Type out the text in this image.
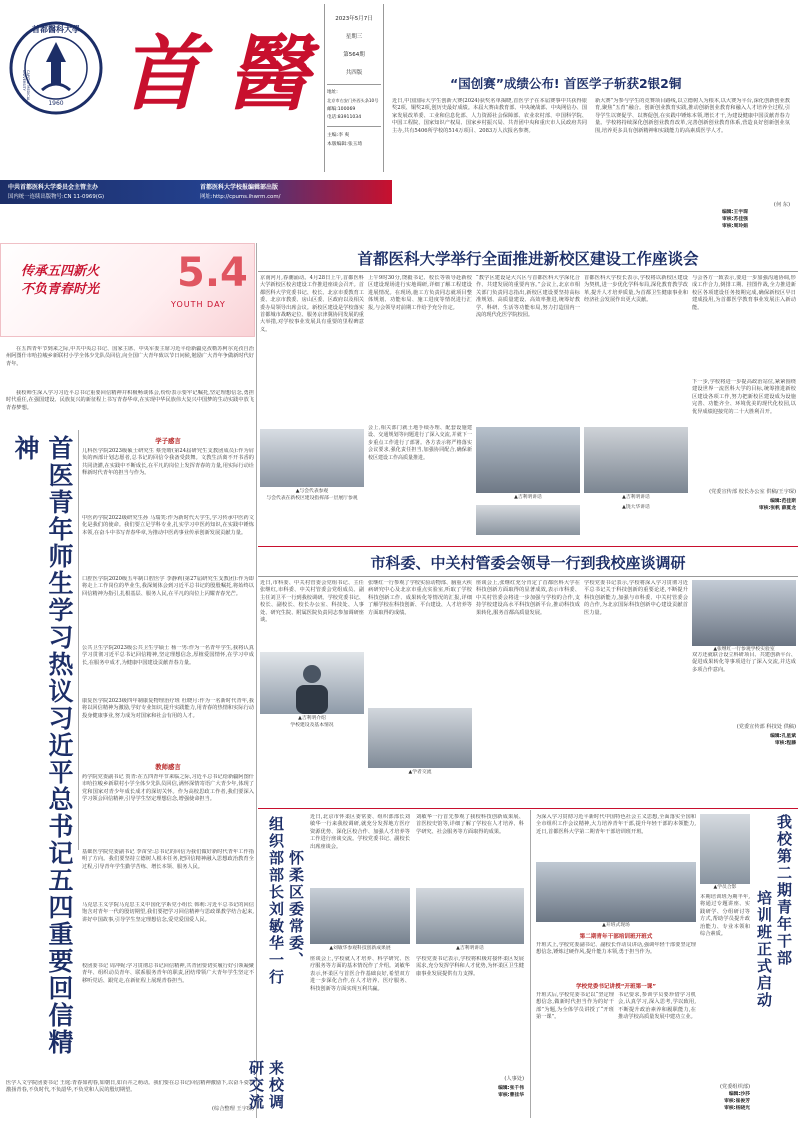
首都醫科大學
CAPITAL MEDICAL UNIVERSITY
1960 首 醫
2023年5月7日
星期三
第564期
共四版
地址:
北京市右安门外西头条10号
邮编:100069
电话:83911034
主编:李 爽
本版编辑:张玉琦
“国创赛”成绩公布! 首医学子斩获2银2铜
近日,中国国际大学生创新大赛(2024)获奖名单揭晓,首医学子在本届赛事中共获得银奖2项、铜奖2项,创历史最好成绩。本届大赛由教育部、中央统战部、中央网信办、国家发展改革委、工业和信息化部、人力资源社会保障部、农业农村部、中国科学院、中国工程院、国家知识产权局、国家乡村振兴局、共青团中央和重庆市人民政府共同主办,共有5406所学校的514万项目、2083万人次报名参赛。
新大赛”为参与学生的竞赛项目路线,以立德树人为根本,以大赛为平台,深化创新创业教育,聚焦“五育”融合。创新创业教育实践,推动创新创业教育和融入人才培养全过程,引导学生以赛促学、以赛促创,在实践中锤炼本领,增长才干,为建设健康中国贡献青春力量。学校将持续深化创新创业教育改革,完善创新创业教育体系,营造良好创新创业氛围,培养更多具有创新精神和实践能力的高素质医学人才。
(何 东)
编辑:王宇琛
审核:苏佳强
审核:周玲娟
中共首都医科大学委员会主管主办
国内统一连续出版物号:CN 11-0969(G)
首都医科大学校报编辑部出版
网址:http://cpums.ihwrm.com/
传承五四新火
不负青春时光 5.4
YOUTH DAY
在五四青年节到来之际,中共中央总书记、国家主席、中央军委主席习近平给新疆克孜勒苏柯尔克孜自治州阿图什市哈拉峻乡新联村小学全体少先队员回信,向全国广大青年致以节日问候,勉励广大青年争做新时代好青年。
我校师生深入学习习近平总书记重要回信精神并积极畅谈体会,纷纷表示要牢记嘱托,坚定理想信念,勇担时代重任,在强国建设、民族复兴的新征程上书写青春华章,在实现中华民族伟大复兴中国梦的生动实践中放飞青春梦想。
首医青年师生学习热议习近平总书记五四重要回信精神	学子感言
儿科医学院2023级硕士研究生 蔡莞晴(第24届研究生支教团成员):作为肩负的西部计划志愿者,总书记的回信令我备受鼓舞。文教生活离不开书香的共同浇灌,在实践中不断成长,在平凡的岗位上发挥青春的力量,用实际行动诠释新时代青年的担当与作为。
中医药学院2022级研究生孙 马瑞笑:作为新时代大学生,学习传承中医药文化是我们的使命。我们要立足学科专业,扎实学习中医药知识,在实践中锤炼本领,在奋斗中书写青春华章,为推动中医药事业传承创新发展贡献力量。
口腔医学院2020级五年制口腔医学 李静莉(第27届研究生支教团):作为即将走上工作岗位的毕业生,我深刻体会到习近平总书记的殷殷嘱托,将始终以回信精神为指引,扎根基层、服务人民,在平凡的岗位上闪耀青春光芒。
公共卫生学院2023级公共卫生学硕士 杨一男:作为一名青年学生,我将认真学习贯彻习近平总书记回信精神,坚定理想信念,厚植爱国情怀,在学习中成长,在服务中成才,为健康中国建设贡献青春力量。
康复医学院2023级四年制康复物理治疗班 杜晓月:作为一名新时代青年,我将以回信精神为激励,学好专业知识,提升实践能力,用青春的热情和实际行动投身健康事业,努力成为对国家和社会有用的人才。
教师感言
药学院党委副书记 贺青:在五四青年节来临之际,习近平总书记给新疆阿图什市哈拉峻乡新联村小学全体少先队员回信,满怀深情寄语广大青少年,体现了党和国家对青少年成长成才的深切关怀。作为高校思政工作者,我们要深入学习领会回信精神,引导学生坚定理想信念,增强使命担当。
基础医学院党委副书记 李苗莹:总书记的回信为我们做好新时代青年工作指明了方向。我们要坚持立德树人根本任务,把回信精神融入思想政治教育全过程,引导青年学生勤学苦练、增长本领、服务人民。
马克思主义学院马克思主义中国化学系党小组长 韩莉:习近平总书记的回信饱含对青年一代的殷切期望,我们要把学习回信精神与思政课教学结合起来,讲好中国故事,引导学生坚定理想信念,爱党爱国爱人民。
校团委书记 周冲妮:学习贯彻总书记回信精神,共青团要切实履行好引领凝聚青年、组织动员青年、联系服务青年的职责,团结带领广大青年学生坚定不移听党话、跟党走,在新征程上展现青春担当。
医学人文学院团委书记 王庭:青春如初春,如朝日,如百卉之萌动。我们要在总书记回信精神激励下,以奋斗姿态激扬青春,不负时代,不负韶华,不负党和人民的殷切期望。
(综合整理 王宇琛)
首都医科大学举行全面推进新校区建设工作座谈会
京南河月,春潮涌动。4月28日上午,首都医科大学新校区校舍建设工作推进座谈会召开。首都医科大学党委书记、校长、北京市委教育工委、北京市教委、房山区委、区政府以及相关委办局领导出席会议。新校区建设是学校落实首都城市战略定位、服务京津冀协同发展的重大举措,对学校事业发展具有重要的里程碑意义。
上午9时30分,饶毅书记、校长等领导赴新校区建设现场进行实地调研,详细了解工程建设进展情况。在现场,施工方负责同志就项目整体规划、功能布局、施工进度等情况进行汇报,与会领导对前期工作给予充分肯定。
“教学区建设是大兴区与首都医科大学深化合作、共建发展的重要内容。”会议上,北京市相关部门负责同志指出,新校区建设要坚持高标准规划、高质量建设、高效率推进,统筹好教学、科研、生活等功能布局,努力打造国内一流的现代化医学院校园。
首都医科大学校长表示,学校将以新校区建设为契机,进一步优化学科布局,深化教育教学改革,提升人才培养质量,为首都卫生健康事业和经济社会发展作出更大贡献。
与会各方一致表示,要进一步加强沟通协调,形成工作合力,倒排工期、挂图作战,全力推进新校区各项建设任务按期完成,确保新校区早日建成投用,为首都医学教育事业发展注入新动能。
会上,相关部门就土地手续办理、配套设施建设、交通规划等问题进行了深入交流,并就下一步重点工作进行了部署。各方表示将严格落实会议要求,强化责任担当,加强协同配合,确保新校区建设工作高质量推进。
下一步,学校将进一步提高政治站位,紧紧围绕建设世界一流医科大学的目标,统筹推进新校区建设各项工作,努力把新校区建设成为设施完善、功能齐全、环境优美的现代化校园,以优异成绩迎接党的二十大胜利召开。
(党委宣传部 校长办公室 供稿/王宇琛)
编辑:范佳斯
审核:张帆 薛夏龙
▲与会代表参观
与会代表在新校区建设指挥部一层展厅参观	▲吉利明讲话	▲吉利明讲话
▲饶大华讲话
市科委、中关村管委会领导一行到我校座谈调研
近日,市科委、中关村管委会党组书记、主任张继红,市科委、中关村管委会党组成员、副主任刘卫平一行到我校调研。学校党委书记、校长、副校长、校长办公室、科技处、人事处、研究生院、附属医院负责同志参加调研座谈。
▲吉利明介绍
学校建设及基本情况
张继红一行参观了学校实验动物部、脑重大疾病研究中心及北京市重点实验室,听取了学校科技创新工作、成果转化等情况的汇报,详细了解学校在科技创新、平台建设、人才培养等方面取得的成绩。
座谈会上,张继红充分肯定了首都医科大学在科技创新方面取得的显著成效,表示市科委、中关村管委会将进一步加强与学校的合作,支持学校建设高水平科技创新平台,推动科技成果转化,服务首都高质量发展。
学校党委书记表示,学校将深入学习贯彻习近平总书记关于科技创新的重要论述,不断提升科技创新能力,加强与市科委、中关村管委会的合作,为北京国际科技创新中心建设贡献首医力量。
双方还就联合设立科研项目、共建创新平台、促进成果转化等事项进行了深入交流,并达成多项合作意向。
▲张继红一行参观学校实验室
▲学者交流
(党委宣传部 科技处 供稿)
编辑:孔星斌
审核:程藤
组织部部长刘敏华一行 怀柔区委常委、
来校调研交流
近日,北京市怀柔区委常委、组织部部长刘敏华一行来我校调研,就充分发挥地方医疗资源优势、深化区校合作、加强人才培养等工作进行座谈交流。学校党委书记、副校长出席座谈会。
刘敏华一行首先参观了我校科技创新成果展、首医校史馆等,详细了解了学校在人才培养、科学研究、社会服务等方面取得的成果。
▲刘敏华参观科技创新成果展	▲吉利明讲话
座谈会上,学校就人才培养、科学研究、医疗服务等方面的基本情况作了介绍。刘敏华表示,怀柔区与首医合作基础良好,希望双方进一步深化合作,在人才培养、医疗服务、科技创新等方面实现互利共赢。
学校党委书记表示,学校将积极对接怀柔区发展需求,充分发挥学科和人才优势,为怀柔区卫生健康事业发展提供有力支撑。
(人事处)
编辑:张千伟
审核:曹挂华
为深入学习贯彻习近平新时代中国特色社会主义思想,全面落实全国和全市组织工作会议精神,大力培养青年干部,提升年轻干部的本领能力,近日,首都医科大学第二期青年干部培训班开班。
▲开班式现场
第二期青年干部培训班开班式
开班式上,学校党委副书记、副校长作动员讲话,强调年轻干部要坚定理想信念,锤炼过硬作风,提升能力本领,勇于担当作为。
学校党委书记讲授“开班第一课”
开班式后,学校党委书记以“坚定理想信念,做新时代担当作为的好干部”为题,为全体学员讲授了“开班第一课”。
书记要求,参训学员要珍惜学习机会,认真学习,深入思考,学以致用,不断提升政治素养和履职能力,在推动学校高质量发展中建功立业。
我校第二期青年干部
培训班正式启动
▲学员合影
本期培训班为期半年,将通过专题讲座、实践研学、分组研讨等方式,帮助学员提升政治能力、专业本领和综合素质。
(党委组织部)
编辑:沙莎
审核:崔俊芳
审核:杨晓光
